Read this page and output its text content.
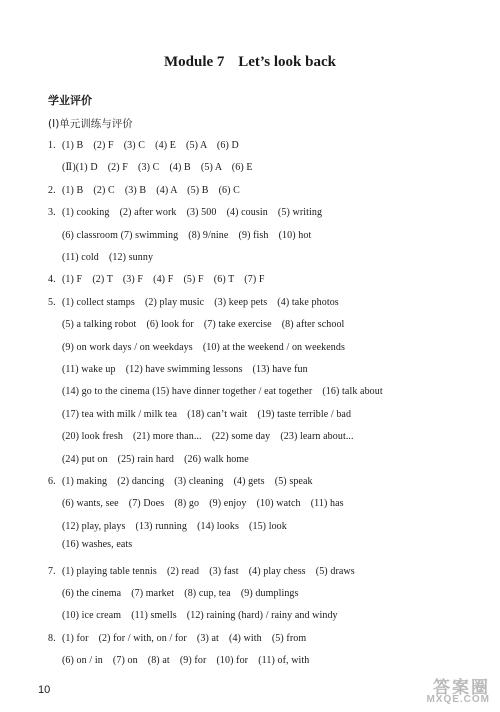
Module 7 Let’s look back
学业评价
(Ⅰ)单元训练与评价
1. (1) B　(2) F　(3) C　(4) E　(5) A　(6) D
(Ⅱ)(1) D　(2) F　(3) C　(4) B　(5) A　(6) E
2. (1) B　(2) C　(3) B　(4) A　(5) B　(6) C
3. (1) cooking　(2) after work　(3) 500　(4) cousin　(5) writing
(6) classroom (7) swimming　(8) 9/nine　(9) fish　(10) hot
(11) cold　(12) sunny
4. (1) F　(2) T　(3) F　(4) F　(5) F　(6) T　(7) F
5. (1) collect stamps　(2) play music　(3) keep pets　(4) take photos
(5) a talking robot　(6) look for　(7) take exercise　(8) after school
(9) on work days / on weekdays　(10) at the weekend / on weekends
(11) wake up　(12) have swimming lessons　(13) have fun
(14) go to the cinema (15) have dinner together / eat together　(16) talk about
(17) tea with milk / milk tea　(18) can’t wait　(19) taste terrible / bad
(20) look fresh　(21) more than...　(22) some day　(23) learn about...
(24) put on　(25) rain hard　(26) walk home
6. (1) making　(2) dancing　(3) cleaning　(4) gets　(5) speak
(6) wants, see　(7) Does　(8) go　(9) enjoy　(10) watch　(11) has
(12) play, plays　(13) running　(14) looks　(15) look
(16) washes, eats
7. (1) playing table tennis　(2) read　(3) fast　(4) play chess　(5) draws
(6) the cinema　(7) market　(8) cup, tea　(9) dumplings
(10) ice cream　(11) smells　(12) raining (hard) / rainy and windy
8. (1) for　(2) for / with, on / for　(3) at　(4) with　(5) from
(6) on / in　(7) on　(8) at　(9) for　(10) for　(11) of, with
10	答案圈
MXQE.COM
